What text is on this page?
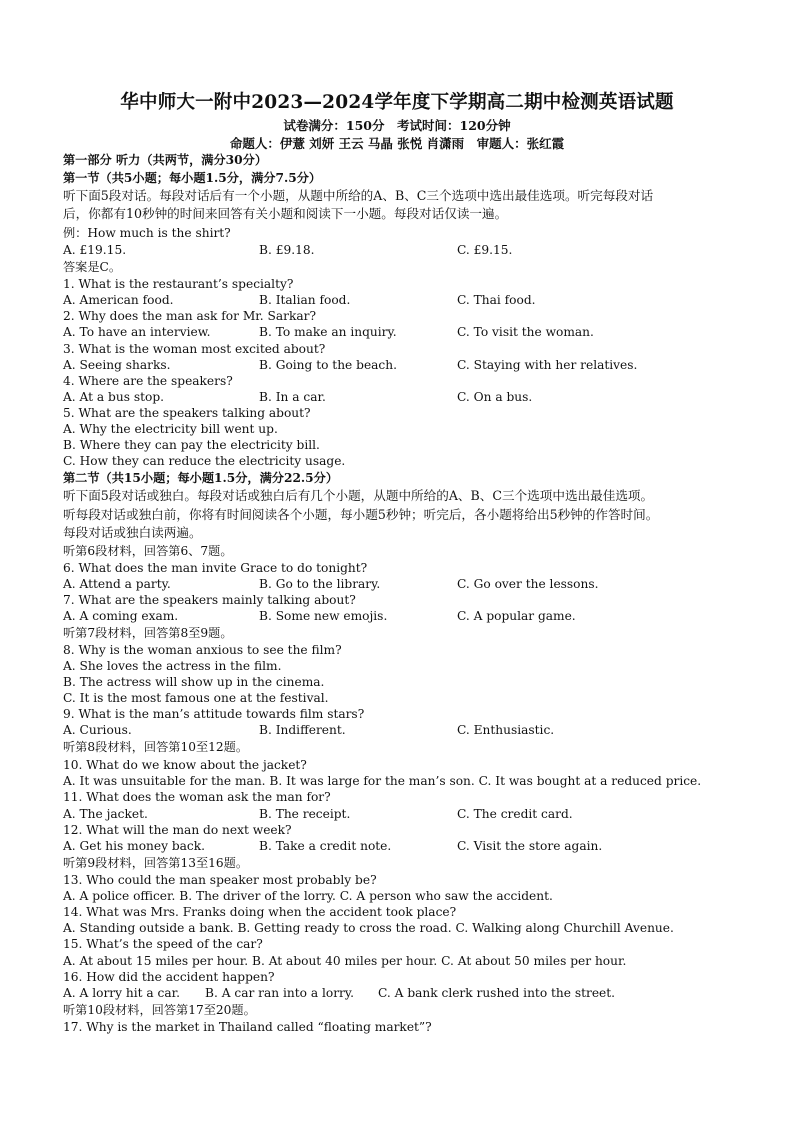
华中师大一附中2023—2024学年度下学期高二期中检测英语试题
试卷满分：150分　考试时间：120分钟
命题人：伊薏 刘妍 王云 马晶 张悦 肖潇雨　审题人：张红霞
第一部分 听力（共两节，满分30分）
第一节（共5小题；每小题1.5分，满分7.5分）
听下面5段对话。每段对话后有一个小题，从题中所给的A、B、C三个选项中选出最佳选项。听完每段对话
后，你都有10秒钟的时间来回答有关小题和阅读下一小题。每段对话仅读一遍。
例：How much is the shirt?
A. £19.15.	B. £9.18.	C. £9.15.
答案是C。
1. What is the restaurant’s specialty?
A. American food.	B. Italian food.	C. Thai food.
2. Why does the man ask for Mr. Sarkar?
A. To have an interview.	B. To make an inquiry.	C. To visit the woman.
3. What is the woman most excited about?
A. Seeing sharks.	B. Going to the beach.	C. Staying with her relatives.
4. Where are the speakers?
A. At a bus stop.	B. In a car.	C. On a bus.
5. What are the speakers talking about?
A. Why the electricity bill went up.
B. Where they can pay the electricity bill.
C. How they can reduce the electricity usage.
第二节（共15小题；每小题1.5分，满分22.5分）
听下面5段对话或独白。每段对话或独白后有几个小题，从题中所给的A、B、C三个选项中选出最佳选项。
听每段对话或独白前，你将有时间阅读各个小题，每小题5秒钟；听完后，各小题将给出5秒钟的作答时间。
每段对话或独白读两遍。
听第6段材料，回答第6、7题。
6. What does the man invite Grace to do tonight?
A. Attend a party.	B. Go to the library.	C. Go over the lessons.
7. What are the speakers mainly talking about?
A. A coming exam.	B. Some new emojis.	C. A popular game.
听第7段材料，回答第8至9题。
8. Why is the woman anxious to see the film?
A. She loves the actress in the film.
B. The actress will show up in the cinema.
C. It is the most famous one at the festival.
9. What is the man’s attitude towards film stars?
A. Curious.	B. Indifferent.	C. Enthusiastic.
听第8段材料，回答第10至12题。
10. What do we know about the jacket?
A. It was unsuitable for the man. B. It was large for the man’s son. C. It was bought at a reduced price.
11. What does the woman ask the man for?
A. The jacket.	B. The receipt.	C. The credit card.
12. What will the man do next week?
A. Get his money back.	B. Take a credit note.	C. Visit the store again.
听第9段材料，回答第13至16题。
13. Who could the man speaker most probably be?
A. A police officer. B. The driver of the lorry. C. A person who saw the accident.
14. What was Mrs. Franks doing when the accident took place?
A. Standing outside a bank. B. Getting ready to cross the road. C. Walking along Churchill Avenue.
15. What’s the speed of the car?
A. At about 15 miles per hour. B. At about 40 miles per hour. C. At about 50 miles per hour.
16. How did the accident happen?
A. A lorry hit a car. B. A car ran into a lorry. C. A bank clerk rushed into the street.
听第10段材料，回答第17至20题。
17. Why is the market in Thailand called “floating market”?
